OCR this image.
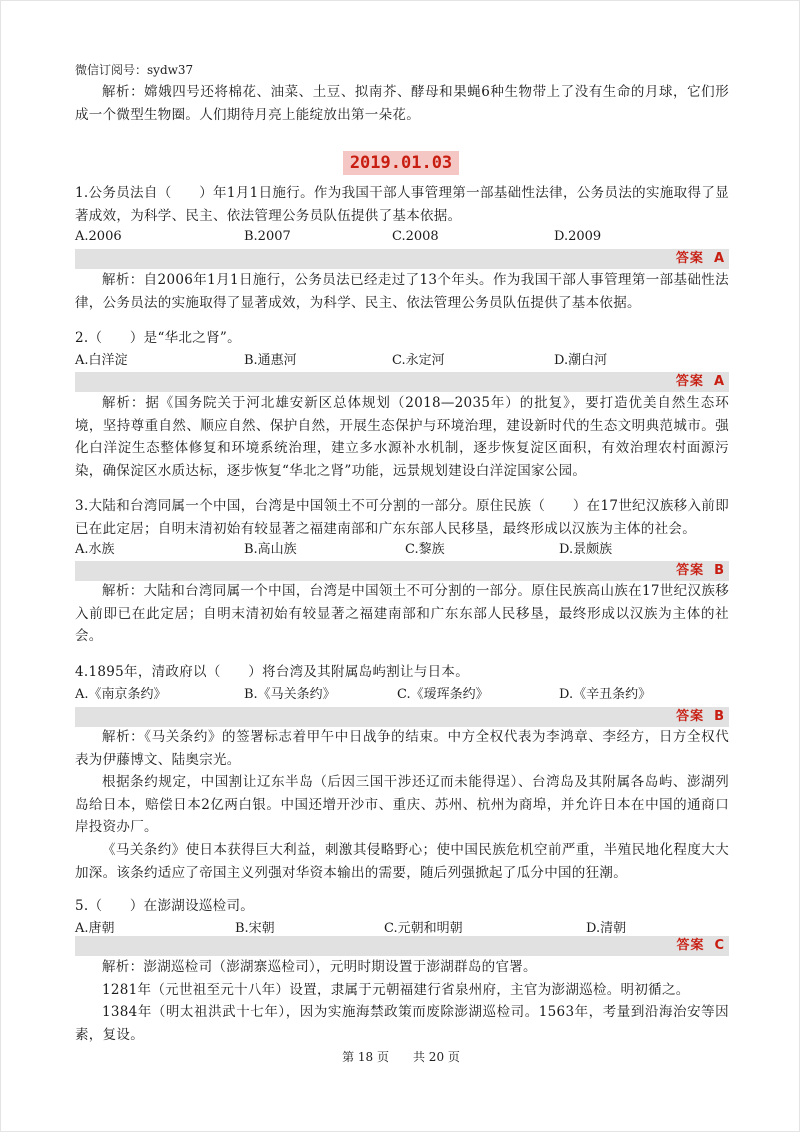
微信订阅号：sydw37
解析：嫦娥四号还将棉花、油菜、土豆、拟南芥、酵母和果蝇6种生物带上了没有生命的月球，它们形成一个微型生物圈。人们期待月亮上能绽放出第一朵花。
2019.01.03
1.公务员法自（　　）年1月1日施行。作为我国干部人事管理第一部基础性法律，公务员法的实施取得了显著成效，为科学、民主、依法管理公务员队伍提供了基本依据。
A.2006	B.2007	C.2008	D.2009
答案 A
解析：自2006年1月1日施行，公务员法已经走过了13个年头。作为我国干部人事管理第一部基础性法律，公务员法的实施取得了显著成效，为科学、民主、依法管理公务员队伍提供了基本依据。
2.（　　）是“华北之肾”。
A.白洋淀	B.通惠河	C.永定河	D.潮白河
答案 A
解析：据《国务院关于河北雄安新区总体规划（2018—2035年）的批复》，要打造优美自然生态环境，坚持尊重自然、顺应自然、保护自然，开展生态保护与环境治理，建设新时代的生态文明典范城市。强化白洋淀生态整体修复和环境系统治理，建立多水源补水机制，逐步恢复淀区面积，有效治理农村面源污染，确保淀区水质达标，逐步恢复“华北之肾”功能，远景规划建设白洋淀国家公园。
3.大陆和台湾同属一个中国，台湾是中国领土不可分割的一部分。原住民族（　　）在17世纪汉族移入前即已在此定居；自明末清初始有较显著之福建南部和广东东部人民移垦，最终形成以汉族为主体的社会。
A.水族	B.高山族	C.黎族	D.景颇族
答案 B
解析：大陆和台湾同属一个中国，台湾是中国领土不可分割的一部分。原住民族高山族在17世纪汉族移入前即已在此定居；自明末清初始有较显著之福建南部和广东东部人民移垦，最终形成以汉族为主体的社会。
4.1895年，清政府以（　　）将台湾及其附属岛屿割让与日本。
A.《南京条约》	B.《马关条约》	C.《瑷珲条约》	D.《辛丑条约》
答案 B
解析：《马关条约》的签署标志着甲午中日战争的结束。中方全权代表为李鸿章、李经方，日方全权代表为伊藤博文、陆奥宗光。
根据条约规定，中国割让辽东半岛（后因三国干涉还辽而未能得逞）、台湾岛及其附属各岛屿、澎湖列岛给日本，赔偿日本2亿两白银。中国还增开沙市、重庆、苏州、杭州为商埠，并允许日本在中国的通商口岸投资办厂。
《马关条约》使日本获得巨大利益，刺激其侵略野心；使中国民族危机空前严重，半殖民地化程度大大加深。该条约适应了帝国主义列强对华资本输出的需要，随后列强掀起了瓜分中国的狂潮。
5.（　　）在澎湖设巡检司。
A.唐朝	B.宋朝	C.元朝和明朝	D.清朝
答案 C
解析：澎湖巡检司（澎湖寨巡检司），元明时期设置于澎湖群岛的官署。
1281年（元世祖至元十八年）设置，隶属于元朝福建行省泉州府，主官为澎湖巡检。明初循之。
1384年（明太祖洪武十七年），因为实施海禁政策而废除澎湖巡检司。1563年，考量到沿海治安等因素，复设。
第 18 页　　共 20 页
